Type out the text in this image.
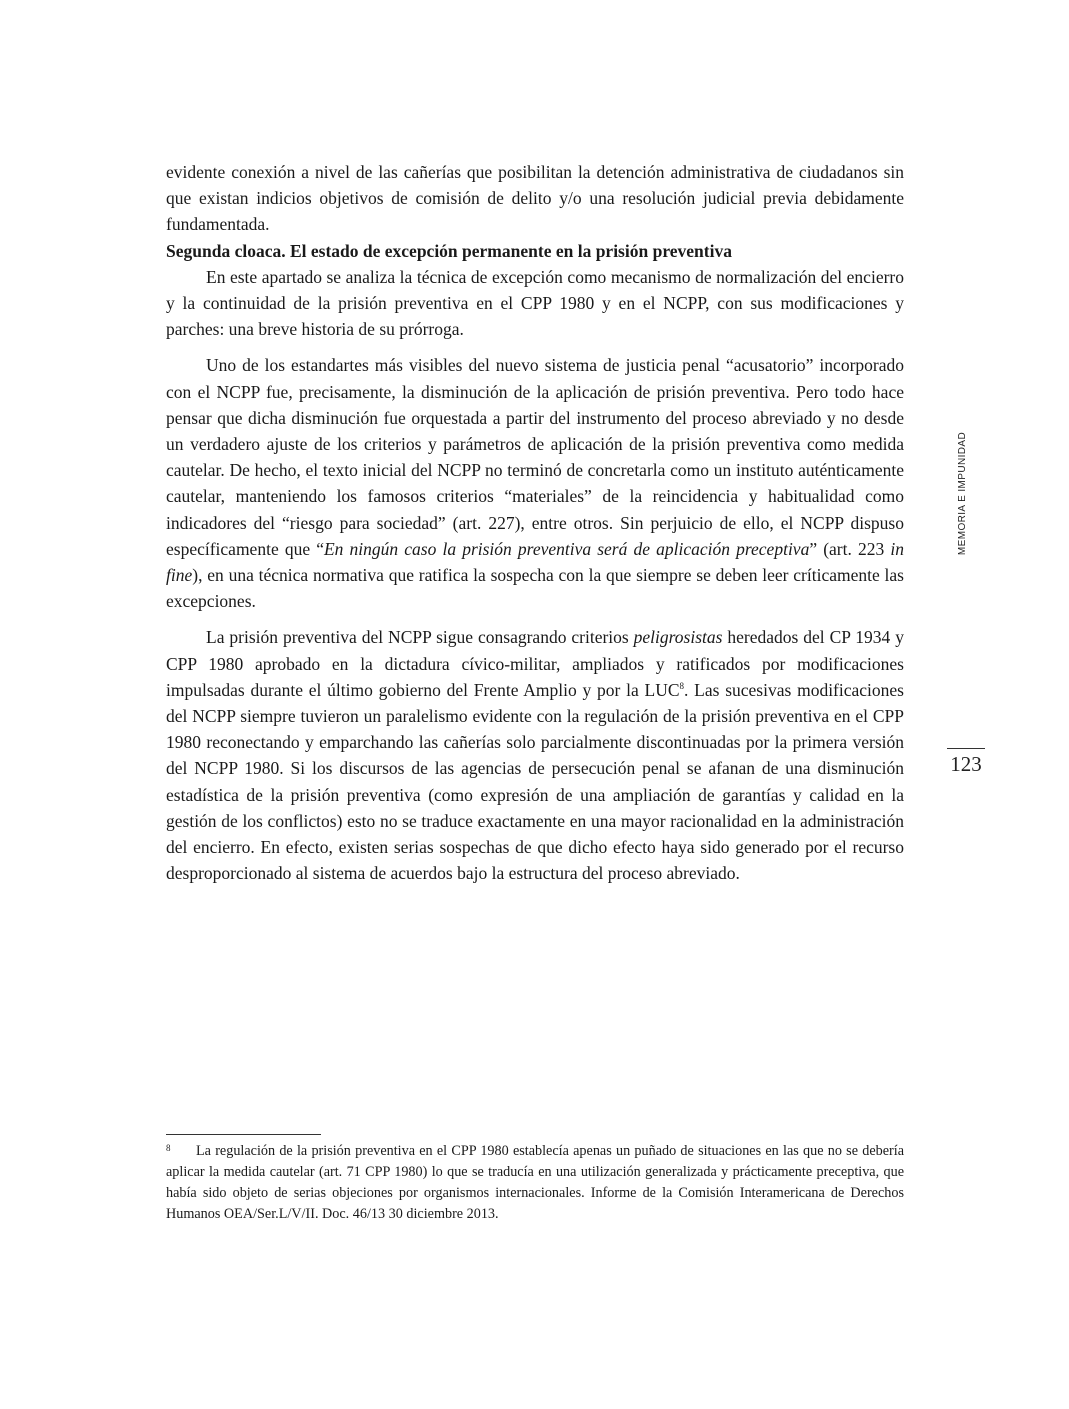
evidente conexión a nivel de las cañerías que posibilitan la detención administrativa de ciudadanos sin que existan indicios objetivos de comisión de delito y/o una resolución judicial previa debidamente fundamentada.

Segunda cloaca. El estado de excepción permanente en la prisión preventiva

En este apartado se analiza la técnica de excepción como mecanismo de normalización del encierro y la continuidad de la prisión preventiva en el CPP 1980 y en el NCPP, con sus modificaciones y parches: una breve historia de su prórroga.

Uno de los estandartes más visibles del nuevo sistema de justicia penal “acusatorio” incorporado con el NCPP fue, precisamente, la disminución de la aplicación de prisión preventiva. Pero todo hace pensar que dicha disminución fue orquestada a partir del instrumento del proceso abreviado y no desde un verdadero ajuste de los criterios y parámetros de aplicación de la prisión preventiva como medida cautelar. De hecho, el texto inicial del NCPP no terminó de concretarla como un instituto auténticamente cautelar, manteniendo los famosos criterios “materiales” de la reincidencia y habitualidad como indicadores del “riesgo para sociedad” (art. 227), entre otros. Sin perjuicio de ello, el NCPP dispuso específicamente que “En ningún caso la prisión preventiva será de aplicación preceptiva” (art. 223 in fine), en una técnica normativa que ratifica la sospecha con la que siempre se deben leer críticamente las excepciones.

La prisión preventiva del NCPP sigue consagrando criterios peligrosistas heredados del CP 1934 y CPP 1980 aprobado en la dictadura cívico-militar, ampliados y ratificados por modificaciones impulsadas durante el último gobierno del Frente Amplio y por la LUC$^8$. Las sucesivas modificaciones del NCPP siempre tuvieron un paralelismo evidente con la regulación de la prisión preventiva en el CPP 1980 reconectando y emparchando las cañerías solo parcialmente discontinuadas por la primera versión del NCPP 1980. Si los discursos de las agencias de persecución penal se afanan de una disminución estadística de la prisión preventiva (como expresión de una ampliación de garantías y calidad en la gestión de los conflictos) esto no se traduce exactamente en una mayor racionalidad en la administración del encierro. En efecto, existen serias sospechas de que dicho efecto haya sido generado por el recurso desproporcionado al sistema de acuerdos bajo la estructura del proceso abreviado.

MEMORIA E IMPUNIDAD
123
8 La regulación de la prisión preventiva en el CPP 1980 establecía apenas un puñado de situaciones en las que no se debería aplicar la medida cautelar (art. 71 CPP 1980) lo que se traducía en una utilización generalizada y prácticamente preceptiva, que había sido objeto de serias objeciones por organismos internacionales. Informe de la Comisión Interamericana de Derechos Humanos OEA/Ser.L/V/II. Doc. 46/13 30 diciembre 2013.
